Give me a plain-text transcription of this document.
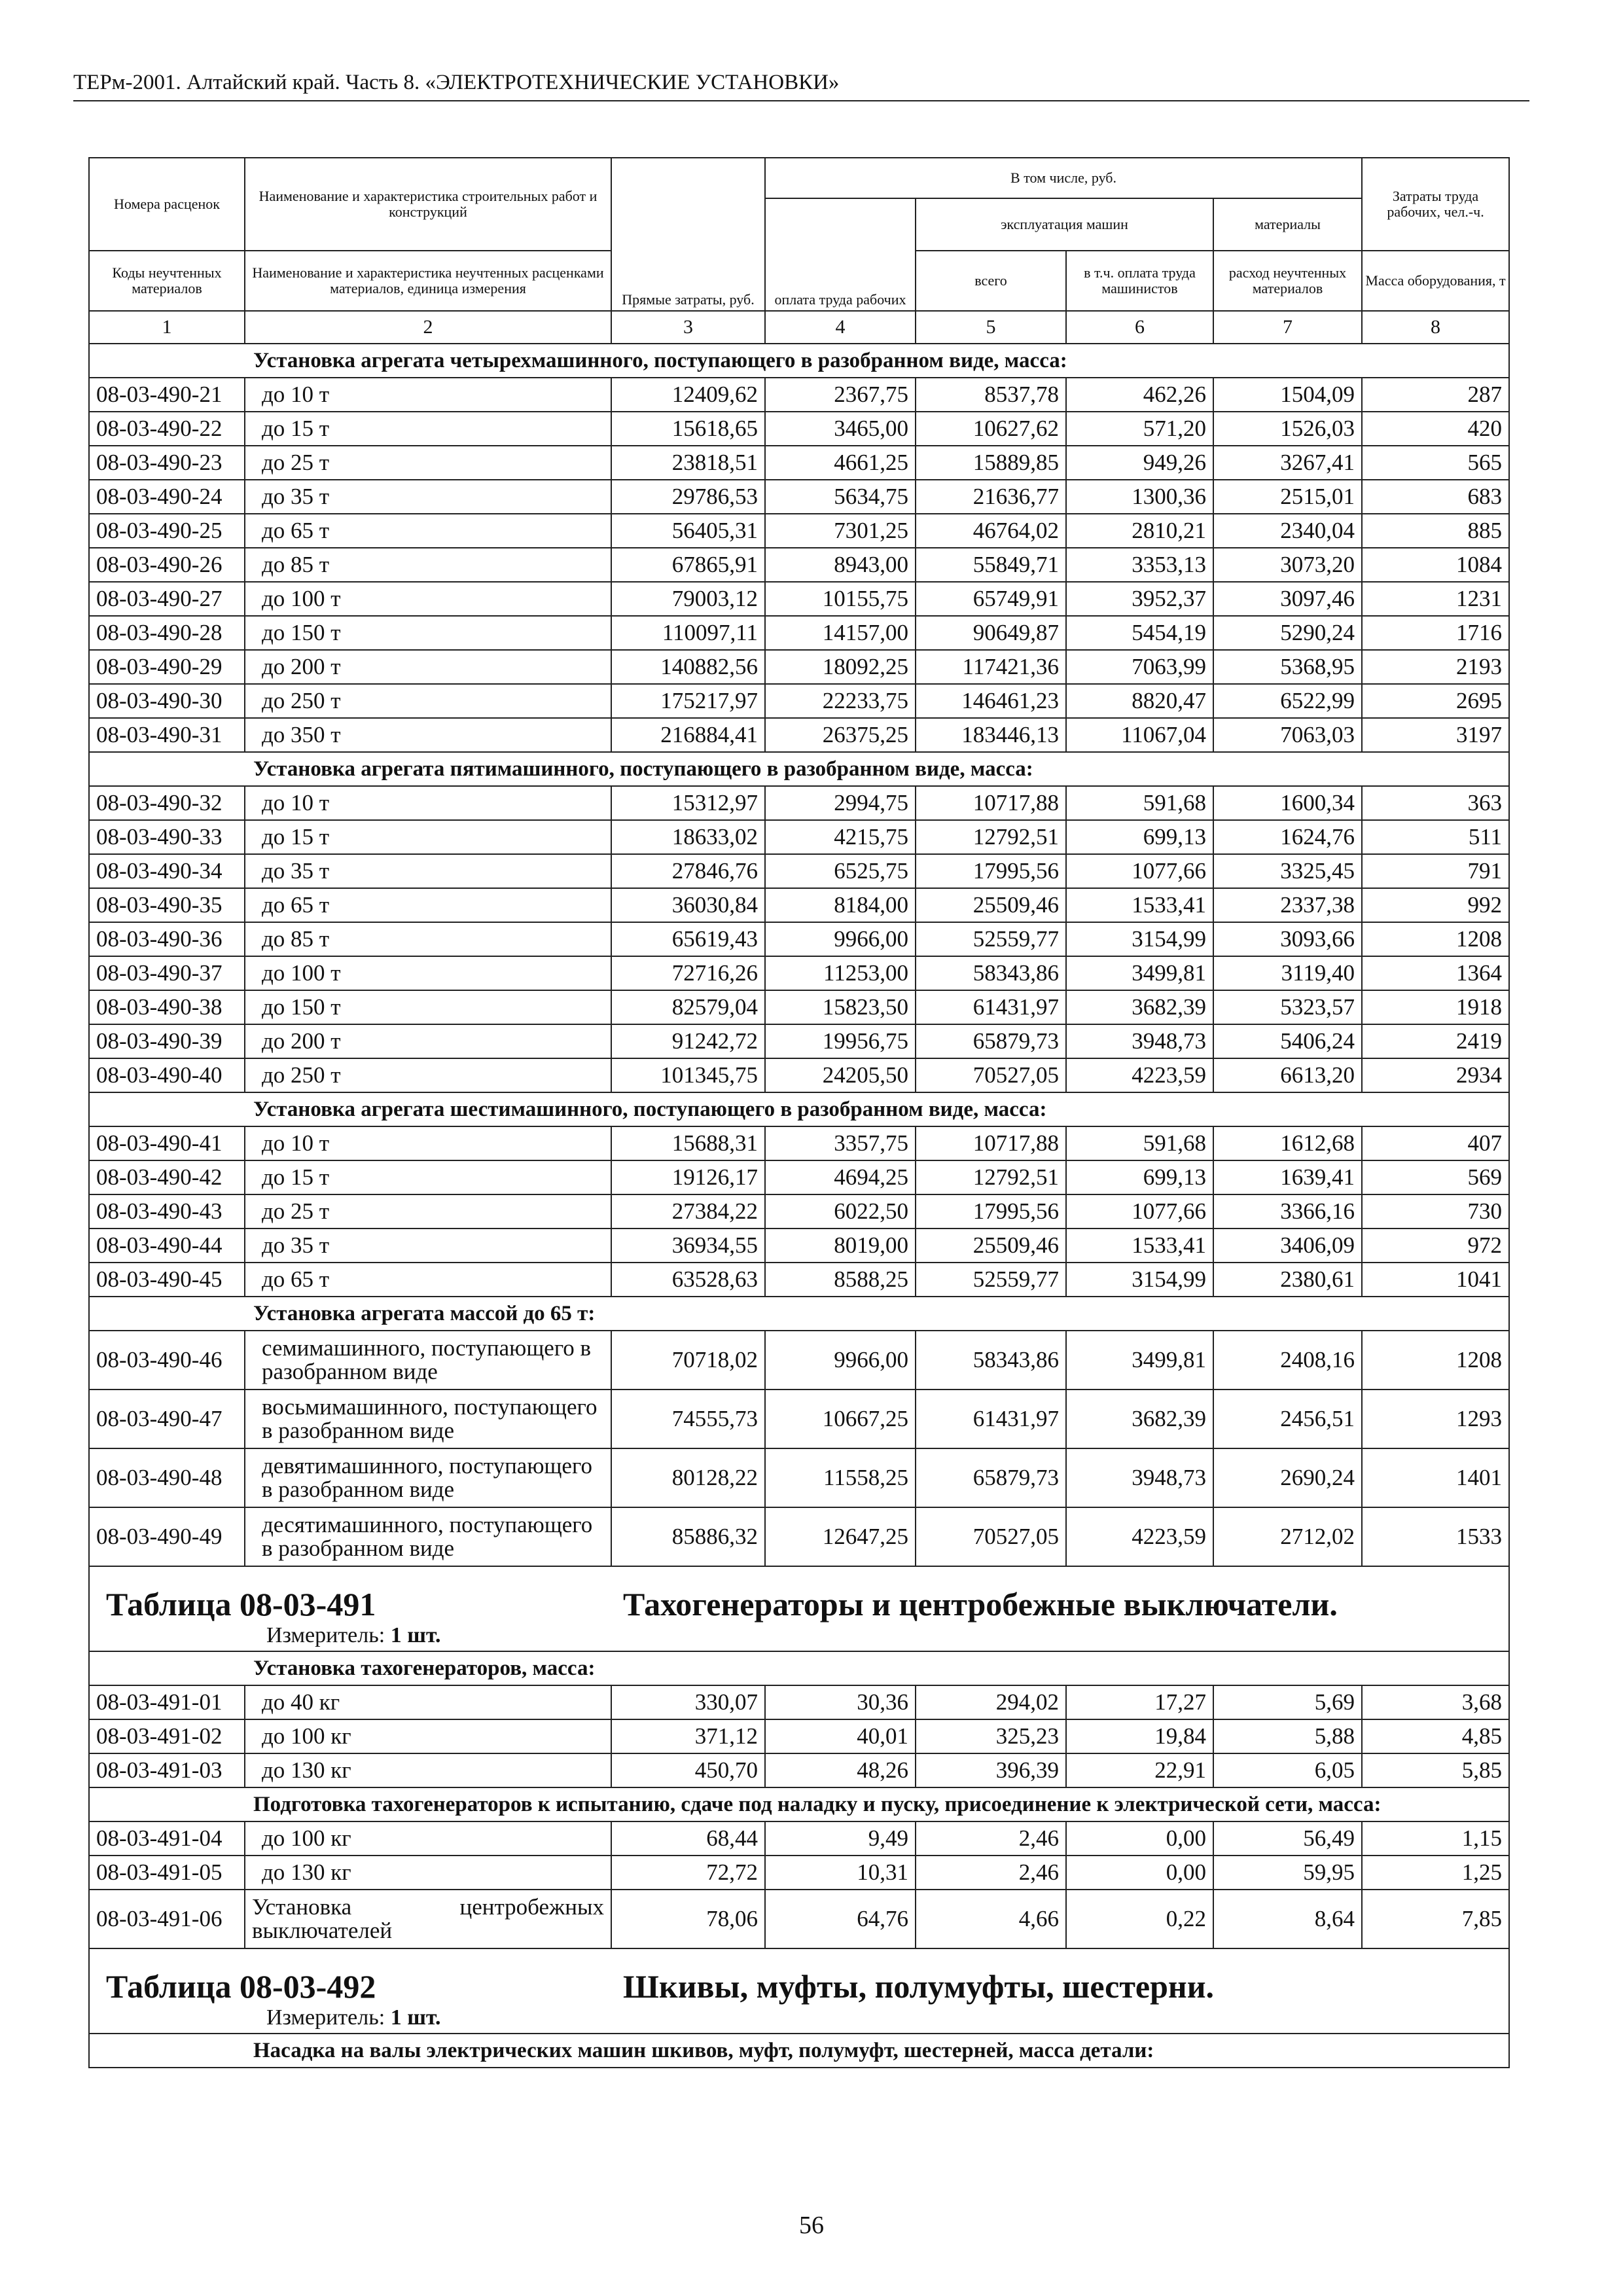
ТЕРм-2001. Алтайский край. Часть 8. «ЭЛЕКТРОТЕХНИЧЕСКИЕ УСТАНОВКИ»
Номера расценок	Наименование и характеристика строительных работ и конструкций	Прямые затраты, руб.	В том числе, руб.				Затраты труда рабочих, чел.-ч.
			оплата труда рабочих	эксплуатация машин		материалы	

Коды неучтенных материалов	Наименование и характеристика неучтенных расценками материалов, единица измерения			всего	в т.ч. оплата труда машинистов	расход неучтенных материалов	Масса оборудования, т
1	2	3	4	5	6	7	8
Установка агрегата четырехмашинного, поступающего в разобранном виде, масса:							
08-03-490-21	до 10 т	12409,62	2367,75	8537,78	462,26	1504,09	287
08-03-490-22	до 15 т	15618,65	3465,00	10627,62	571,20	1526,03	420
08-03-490-23	до 25 т	23818,51	4661,25	15889,85	949,26	3267,41	565
08-03-490-24	до 35 т	29786,53	5634,75	21636,77	1300,36	2515,01	683
08-03-490-25	до 65 т	56405,31	7301,25	46764,02	2810,21	2340,04	885
08-03-490-26	до 85 т	67865,91	8943,00	55849,71	3353,13	3073,20	1084
08-03-490-27	до 100 т	79003,12	10155,75	65749,91	3952,37	3097,46	1231
08-03-490-28	до 150 т	110097,11	14157,00	90649,87	5454,19	5290,24	1716
08-03-490-29	до 200 т	140882,56	18092,25	117421,36	7063,99	5368,95	2193
08-03-490-30	до 250 т	175217,97	22233,75	146461,23	8820,47	6522,99	2695
08-03-490-31	до 350 т	216884,41	26375,25	183446,13	11067,04	7063,03	3197
Установка агрегата пятимашинного, поступающего в разобранном виде, масса:							
08-03-490-32	до 10 т	15312,97	2994,75	10717,88	591,68	1600,34	363
08-03-490-33	до 15 т	18633,02	4215,75	12792,51	699,13	1624,76	511
08-03-490-34	до 35 т	27846,76	6525,75	17995,56	1077,66	3325,45	791
08-03-490-35	до 65 т	36030,84	8184,00	25509,46	1533,41	2337,38	992
08-03-490-36	до 85 т	65619,43	9966,00	52559,77	3154,99	3093,66	1208
08-03-490-37	до 100 т	72716,26	11253,00	58343,86	3499,81	3119,40	1364
08-03-490-38	до 150 т	82579,04	15823,50	61431,97	3682,39	5323,57	1918
08-03-490-39	до 200 т	91242,72	19956,75	65879,73	3948,73	5406,24	2419
08-03-490-40	до 250 т	101345,75	24205,50	70527,05	4223,59	6613,20	2934
Установка агрегата шестимашинного, поступающего в разобранном виде, масса:							
08-03-490-41	до 10 т	15688,31	3357,75	10717,88	591,68	1612,68	407
08-03-490-42	до 15 т	19126,17	4694,25	12792,51	699,13	1639,41	569
08-03-490-43	до 25 т	27384,22	6022,50	17995,56	1077,66	3366,16	730
08-03-490-44	до 35 т	36934,55	8019,00	25509,46	1533,41	3406,09	972
08-03-490-45	до 65 т	63528,63	8588,25	52559,77	3154,99	2380,61	1041
Установка агрегата массой до 65 т:							
08-03-490-46	семимашинного, поступающего в разобранном виде	70718,02	9966,00	58343,86	3499,81	2408,16	1208
08-03-490-47	восьмимашинного, поступающего в разобранном виде	74555,73	10667,25	61431,97	3682,39	2456,51	1293
08-03-490-48	девятимашинного, поступающего в разобранном виде	80128,22	11558,25	65879,73	3948,73	2690,24	1401
08-03-490-49	десятимашинного, поступающего в разобранном виде	85886,32	12647,25	70527,05	4223,59	2712,02	1533

Таблица 08-03-491 Тахогенераторы и центробежные выключатели.
Измеритель: 1 шт.							

Установка тахогенераторов, масса:							
08-03-491-01	до 40 кг	330,07	30,36	294,02	17,27	5,69	3,68
08-03-491-02	до 100 кг	371,12	40,01	325,23	19,84	5,88	4,85
08-03-491-03	до 130 кг	450,70	48,26	396,39	22,91	6,05	5,85
Подготовка тахогенераторов к испытанию, сдаче под наладку и пуску, присоединение к электрической сети, масса:							
08-03-491-04	до 100 кг	68,44	9,49	2,46	0,00	56,49	1,15
08-03-491-05	до 130 кг	72,72	10,31	2,46	0,00	59,95	1,25
08-03-491-06	Установка центробежных выключателей	78,06	64,76	4,66	0,22	8,64	7,85

Таблица 08-03-492 Шкивы, муфты, полумуфты, шестерни.
Измеритель: 1 шт.							

Насадка на валы электрических машин шкивов, муфт, полумуфт, шестерней, масса детали:							
56
